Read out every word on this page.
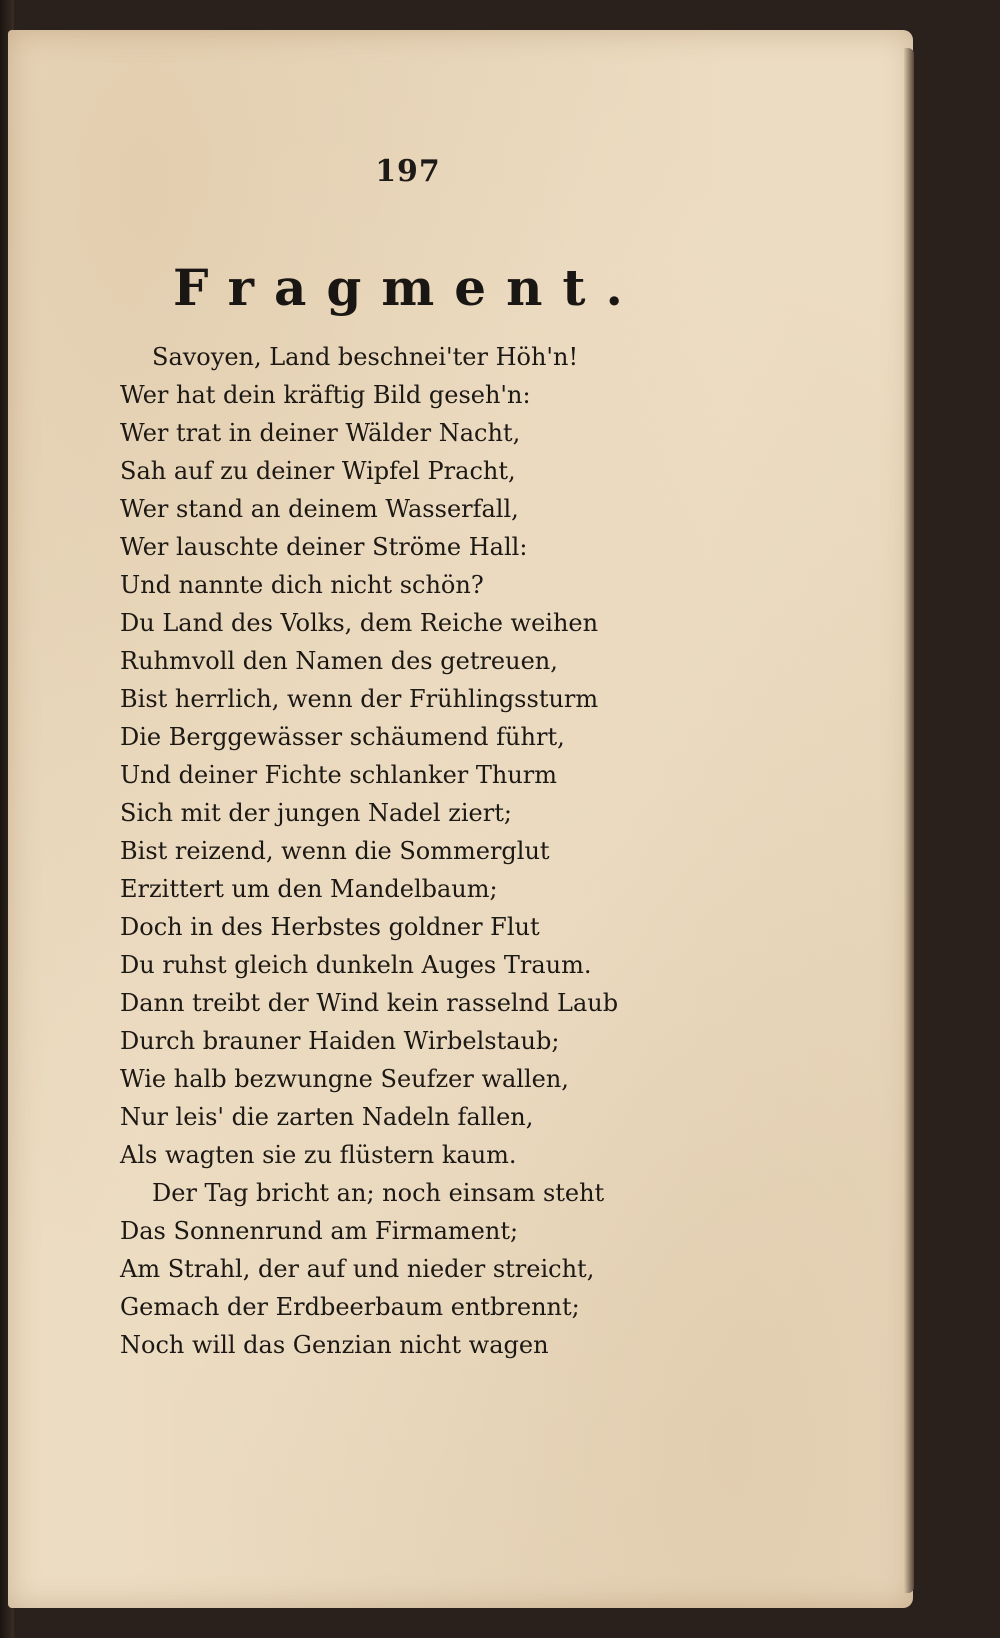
197
Fragment.
Savoyen, Land beschnei'ter Höh'n!
Wer hat dein kräftig Bild geseh'n:
Wer trat in deiner Wälder Nacht,
Sah auf zu deiner Wipfel Pracht,
Wer stand an deinem Wasserfall,
Wer lauschte deiner Ströme Hall:
Und nannte dich nicht schön?
Du Land des Volks, dem Reiche weihen
Ruhmvoll den Namen des getreuen,
Bist herrlich, wenn der Frühlingssturm
Die Berggewässer schäumend führt,
Und deiner Fichte schlanker Thurm
Sich mit der jungen Nadel ziert;
Bist reizend, wenn die Sommerglut
Erzittert um den Mandelbaum;
Doch in des Herbstes goldner Flut
Du ruhst gleich dunkeln Auges Traum.
Dann treibt der Wind kein rasselnd Laub
Durch brauner Haiden Wirbelstaub;
Wie halb bezwungne Seufzer wallen,
Nur leis' die zarten Nadeln fallen,
Als wagten sie zu flüstern kaum.
Der Tag bricht an; noch einsam steht
Das Sonnenrund am Firmament;
Am Strahl, der auf und nieder streicht,
Gemach der Erdbeerbaum entbrennt;
Noch will das Genzian nicht wagen
